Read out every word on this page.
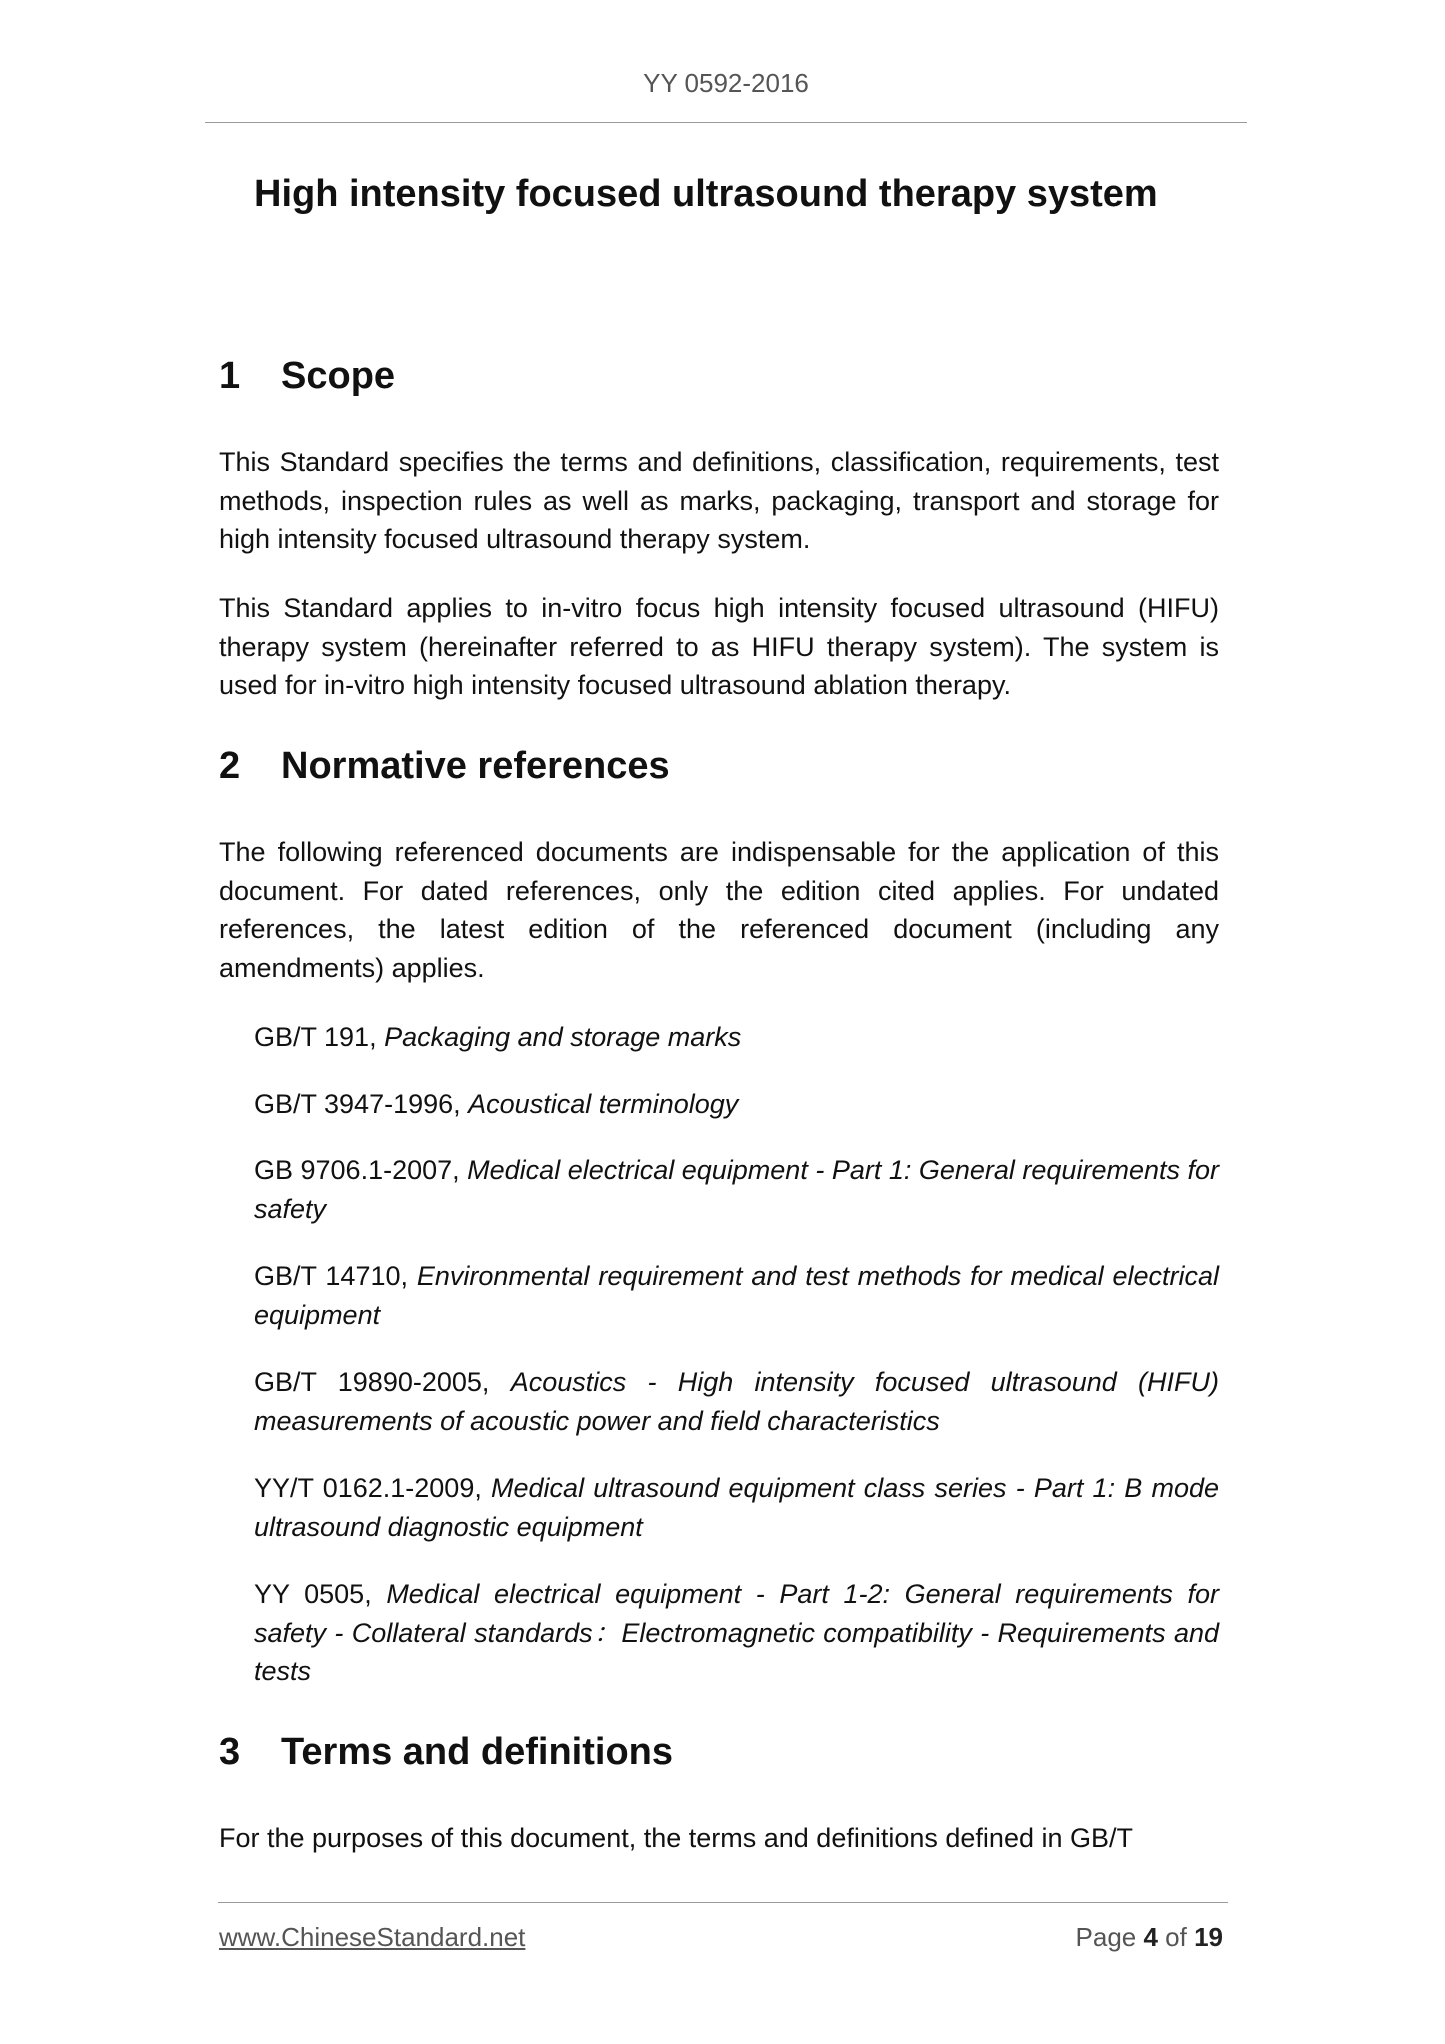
YY 0592-2016
High intensity focused ultrasound therapy system
1 Scope

This Standard specifies the terms and definitions, classification, requirements, test methods, inspection rules as well as marks, packaging, transport and storage for high intensity focused ultrasound therapy system.

This Standard applies to in-vitro focus high intensity focused ultrasound (HIFU) therapy system (hereinafter referred to as HIFU therapy system). The system is used for in-vitro high intensity focused ultrasound ablation therapy.

2 Normative references

The following referenced documents are indispensable for the application of this document. For dated references, only the edition cited applies. For undated references, the latest edition of the referenced document (including any amendments) applies.

GB/T 191, Packaging and storage marks

GB/T 3947-1996, Acoustical terminology

GB 9706.1-2007, Medical electrical equipment - Part 1: General requirements for safety

GB/T 14710, Environmental requirement and test methods for medical electrical equipment

GB/T 19890-2005, Acoustics - High intensity focused ultrasound (HIFU) measurements of acoustic power and field characteristics

YY/T 0162.1-2009, Medical ultrasound equipment class series - Part 1: B mode ultrasound diagnostic equipment

YY 0505, Medical electrical equipment - Part 1-2: General requirements for safety - Collateral standards：Electromagnetic compatibility - Requirements and tests

3 Terms and definitions

For the purposes of this document, the terms and definitions defined in GB/T

www.ChineseStandard.net	Page 4 of 19
